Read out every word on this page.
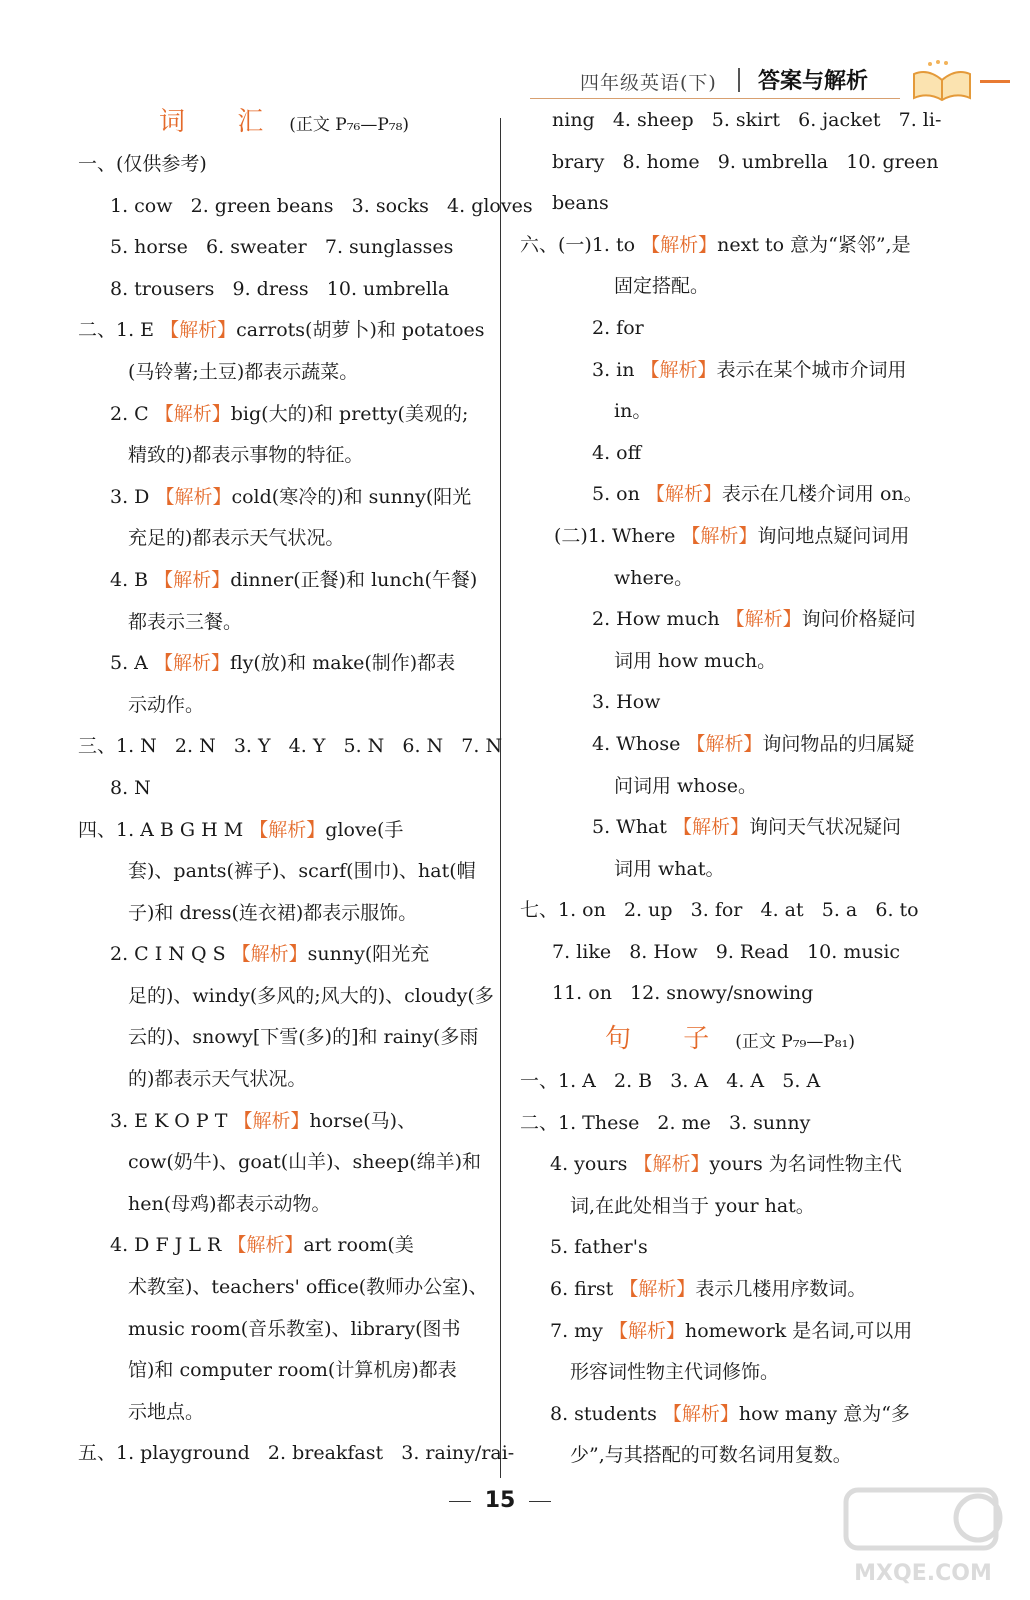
四年级英语(下) 答案与解析
词 汇 (正文 P₇₆—P₇₈)
一、(仅供参考)
1. cow   2. green beans   3. socks   4. gloves
5. horse   6. sweater   7. sunglasses
8. trousers   9. dress   10. umbrella
二、1. E 【解析】carrots(胡萝卜)和 potatoes
(马铃薯;土豆)都表示蔬菜。
2. C 【解析】big(大的)和 pretty(美观的;
精致的)都表示事物的特征。
3. D 【解析】cold(寒冷的)和 sunny(阳光
充足的)都表示天气状况。
4. B 【解析】dinner(正餐)和 lunch(午餐)
都表示三餐。
5. A 【解析】fly(放)和 make(制作)都表
示动作。
三、1. N   2. N   3. Y   4. Y   5. N   6. N   7. N
8. N
四、1. A B G H M 【解析】glove(手
套)、pants(裤子)、scarf(围巾)、hat(帽
子)和 dress(连衣裙)都表示服饰。
2. C I N Q S 【解析】sunny(阳光充
足的)、windy(多风的;风大的)、cloudy(多
云的)、snowy[下雪(多)的]和 rainy(多雨
的)都表示天气状况。
3. E K O P T 【解析】horse(马)、
cow(奶牛)、goat(山羊)、sheep(绵羊)和
hen(母鸡)都表示动物。
4. D F J L R 【解析】art room(美
术教室)、teachers' office(教师办公室)、
music room(音乐教室)、library(图书
馆)和 computer room(计算机房)都表
示地点。
五、1. playground   2. breakfast   3. rainy/rai-
ning   4. sheep   5. skirt   6. jacket   7. li-
brary   8. home   9. umbrella   10. green
beans
六、(一)1. to 【解析】next to 意为“紧邻”,是
固定搭配。
2. for
3. in 【解析】表示在某个城市介词用
in。
4. off
5. on 【解析】表示在几楼介词用 on。
(二)1. Where 【解析】询问地点疑问词用
where。
2. How much 【解析】询问价格疑问
词用 how much。
3. How
4. Whose 【解析】询问物品的归属疑
问词用 whose。
5. What 【解析】询问天气状况疑问
词用 what。
七、1. on   2. up   3. for   4. at   5. a   6. to
7. like   8. How   9. Read   10. music
11. on   12. snowy/snowing
句 子 (正文 P₇₉—P₈₁)
一、1. A   2. B   3. A   4. A   5. A
二、1. These   2. me   3. sunny
4. yours 【解析】yours 为名词性物主代
词,在此处相当于 your hat。
5. father's
6. first 【解析】表示几楼用序数词。
7. my 【解析】homework 是名词,可以用
形容词性物主代词修饰。
8. students 【解析】how many 意为“多
少”,与其搭配的可数名词用复数。
15
MXQE.COM
